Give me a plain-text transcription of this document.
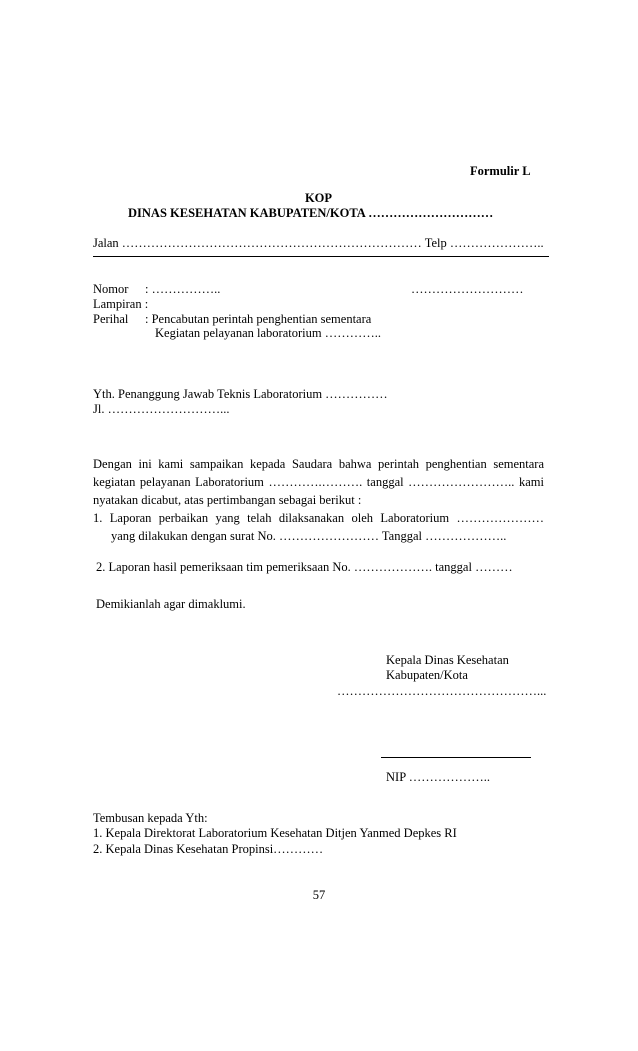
Formulir L
KOP
DINAS KESEHATAN KABUPATEN/KOTA …………………………
Jalan ……………………………………………………………… Telp …………………..
Nomor : ……………..	………………………
Lampiran :
Perihal : Pencabutan perintah penghentian sementara
Kegiatan pelayanan laboratorium …………..
Yth. Penanggung Jawab Teknis Laboratorium ……………
Jl. ………………………...
Dengan ini kami sampaikan kepada Saudara bahwa perintah penghentian sementara
kegiatan pelayanan Laboratorium ………….………. tanggal …………………….. kami
nyatakan dicabut, atas pertimbangan sebagai berikut :
1. Laporan perbaikan yang telah dilaksanakan oleh Laboratorium …………………
yang dilakukan dengan surat No. …………………… Tanggal ………………..
2. Laporan hasil pemeriksaan tim pemeriksaan No. ………………. tanggal ………
Demikianlah agar dimaklumi.
Kepala Dinas Kesehatan
Kabupaten/Kota
…………………………………………...
NIP ………………..
Tembusan kepada Yth:
1. Kepala Direktorat Laboratorium Kesehatan Ditjen Yanmed Depkes RI
2. Kepala Dinas Kesehatan Propinsi…………
57
